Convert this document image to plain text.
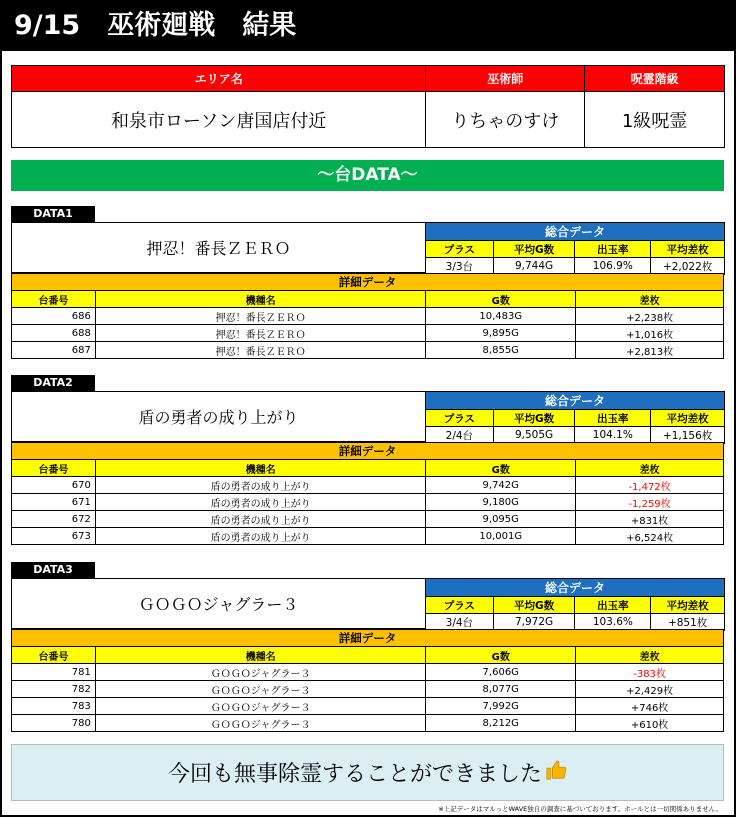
9/15　巫術廻戦　結果
エリア名	巫術師	呪霊階級
和泉市ローソン唐国店付近	りちゃのすけ	1級呪霊
～台DATA～
DATA1
押忍！番長ＺＥＲＯ
総合データ			
プラス	平均G数	出玉率	平均差枚
3/3台	9,744G	106.9%	+2,022枚
詳細データ			
台番号	機種名	G数	差枚
686	押忍！番長ＺＥＲＯ	10,483G	+2,238枚
688	押忍！番長ＺＥＲＯ	9,895G	+1,016枚
687	押忍！番長ＺＥＲＯ	8,855G	+2,813枚
DATA2
盾の勇者の成り上がり
総合データ			
プラス	平均G数	出玉率	平均差枚
2/4台	9,505G	104.1%	+1,156枚
詳細データ			
台番号	機種名	G数	差枚
670	盾の勇者の成り上がり	9,742G	-1,472枚
671	盾の勇者の成り上がり	9,180G	-1,259枚
672	盾の勇者の成り上がり	9,095G	+831枚
673	盾の勇者の成り上がり	10,001G	+6,524枚
DATA3
ＧＯＧＯジャグラー３
総合データ			
プラス	平均G数	出玉率	平均差枚
3/4台	7,972G	103.6%	+851枚
詳細データ			
台番号	機種名	G数	差枚
781	ＧＯＧＯジャグラー３	7,606G	-383枚
782	ＧＯＧＯジャグラー３	8,077G	+2,429枚
783	ＧＯＧＯジャグラー３	7,992G	+746枚
780	ＧＯＧＯジャグラー３	8,212G	+610枚
今回も無事除霊することができました
※上記データはマルっとWAVE独自の調査に基づいております。ホールとは一切関係ありません。
